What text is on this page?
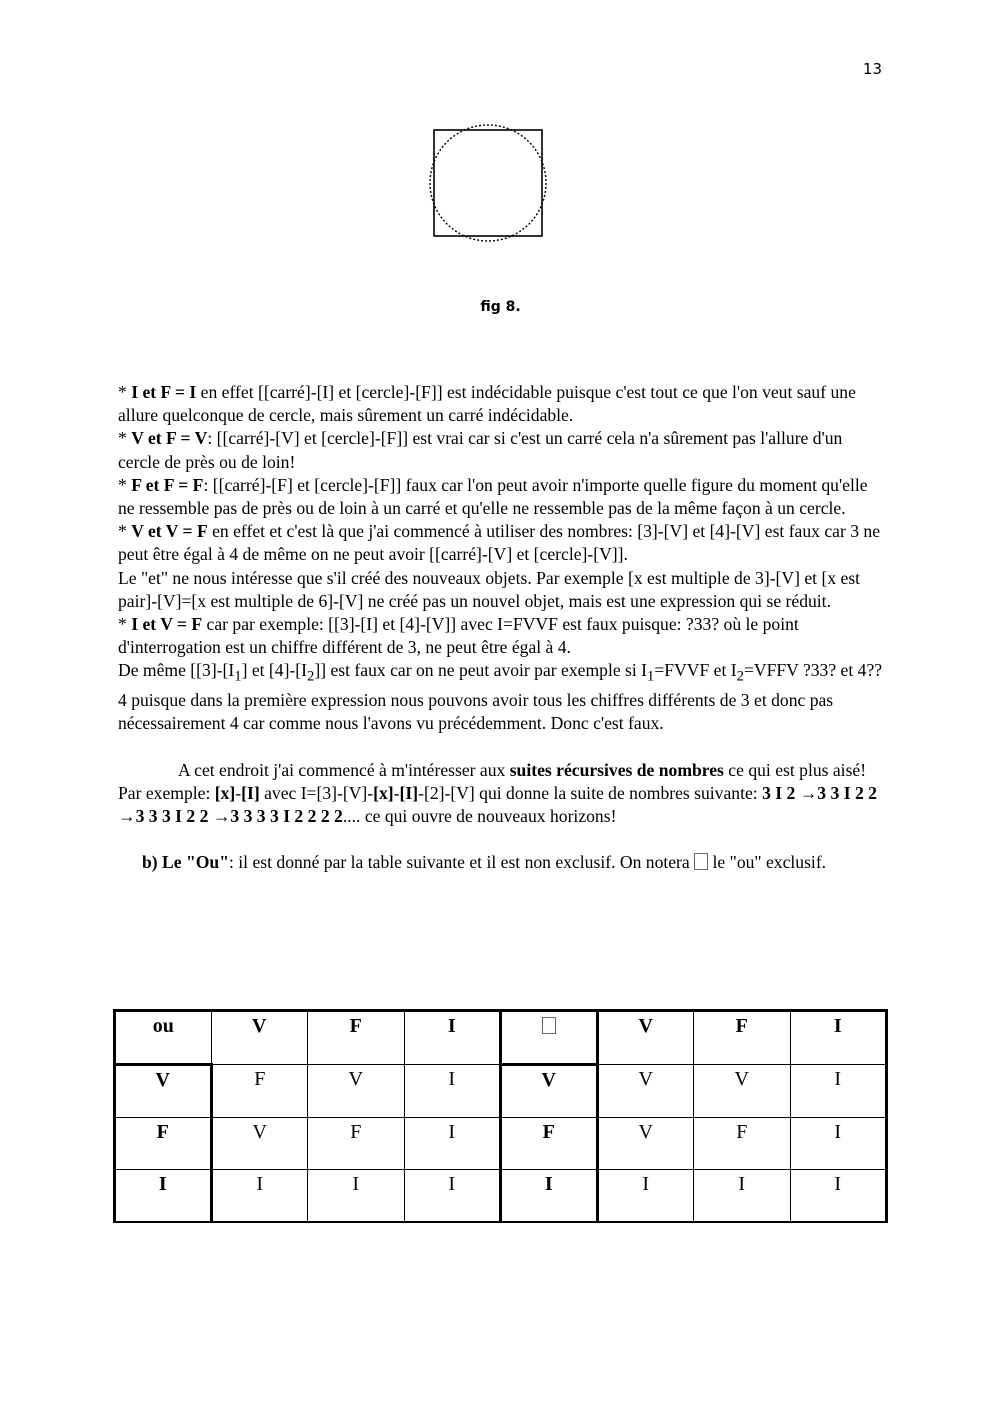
13
fig 8.

* I et F = I en effet [[carré]-[I] et [cercle]-[F]] est indécidable puisque c'est tout ce que l'on veut sauf une allure quelconque de cercle, mais sûrement un carré indécidable.

* V et F = V: [[carré]-[V] et [cercle]-[F]] est vrai car si c'est un carré cela n'a sûrement pas l'allure d'un cercle de près ou de loin!

* F et F = F: [[carré]-[F] et [cercle]-[F]] faux car l'on peut avoir n'importe quelle figure du moment qu'elle ne ressemble pas de près ou de loin à un carré et qu'elle ne ressemble pas de la même façon à un cercle.

* V et V = F en effet et c'est là que j'ai commencé à utiliser des nombres: [3]-[V] et [4]-[V] est faux car 3 ne peut être égal à 4 de même on ne peut avoir [[carré]-[V] et [cercle]-[V]].

Le "et" ne nous intéresse que s'il créé des nouveaux objets. Par exemple [x est multiple de 3]-[V] et [x est pair]-[V]=[x est multiple de 6]-[V] ne créé pas un nouvel objet, mais est une expression qui se réduit.

* I et V = F car par exemple: [[3]-[I] et [4]-[V]] avec I=FVVF est faux puisque: ?33? où le point d'interrogation est un chiffre différent de 3, ne peut être égal à 4.

De même [$[3]-[I_1]$ et $[4]-[I_2]$] est faux car on ne peut avoir par exemple si $I_1=FVVF$ et $I_2=VFFV$ ?33? et 4??4 puisque dans la première expression nous pouvons avoir tous les chiffres différents de 3 et donc pas nécessairement 4 car comme nous l'avons vu précédemment. Donc c'est faux.

A cet endroit j'ai commencé à m'intéresser aux suites récursives de nombres ce qui est plus aisé! Par exemple: [x]-[I] avec I=[3]-[V]-[x]-[I]-[2]-[V] qui donne la suite de nombres suivante: 3 I 2 →3 3 I 2 2 →3 3 3 I 2 2 →3 3 3 3 I 2 2 2 2.... ce qui ouvre de nouveaux horizons!

b) Le "Ou": il est donné par la table suivante et il est non exclusif. On notera  le "ou" exclusif.

ou	V	F	I		V	F	I
V	F	V	I	V	V	V	I
F	V	F	I	F	V	F	I
I	I	I	I	I	I	I	I
